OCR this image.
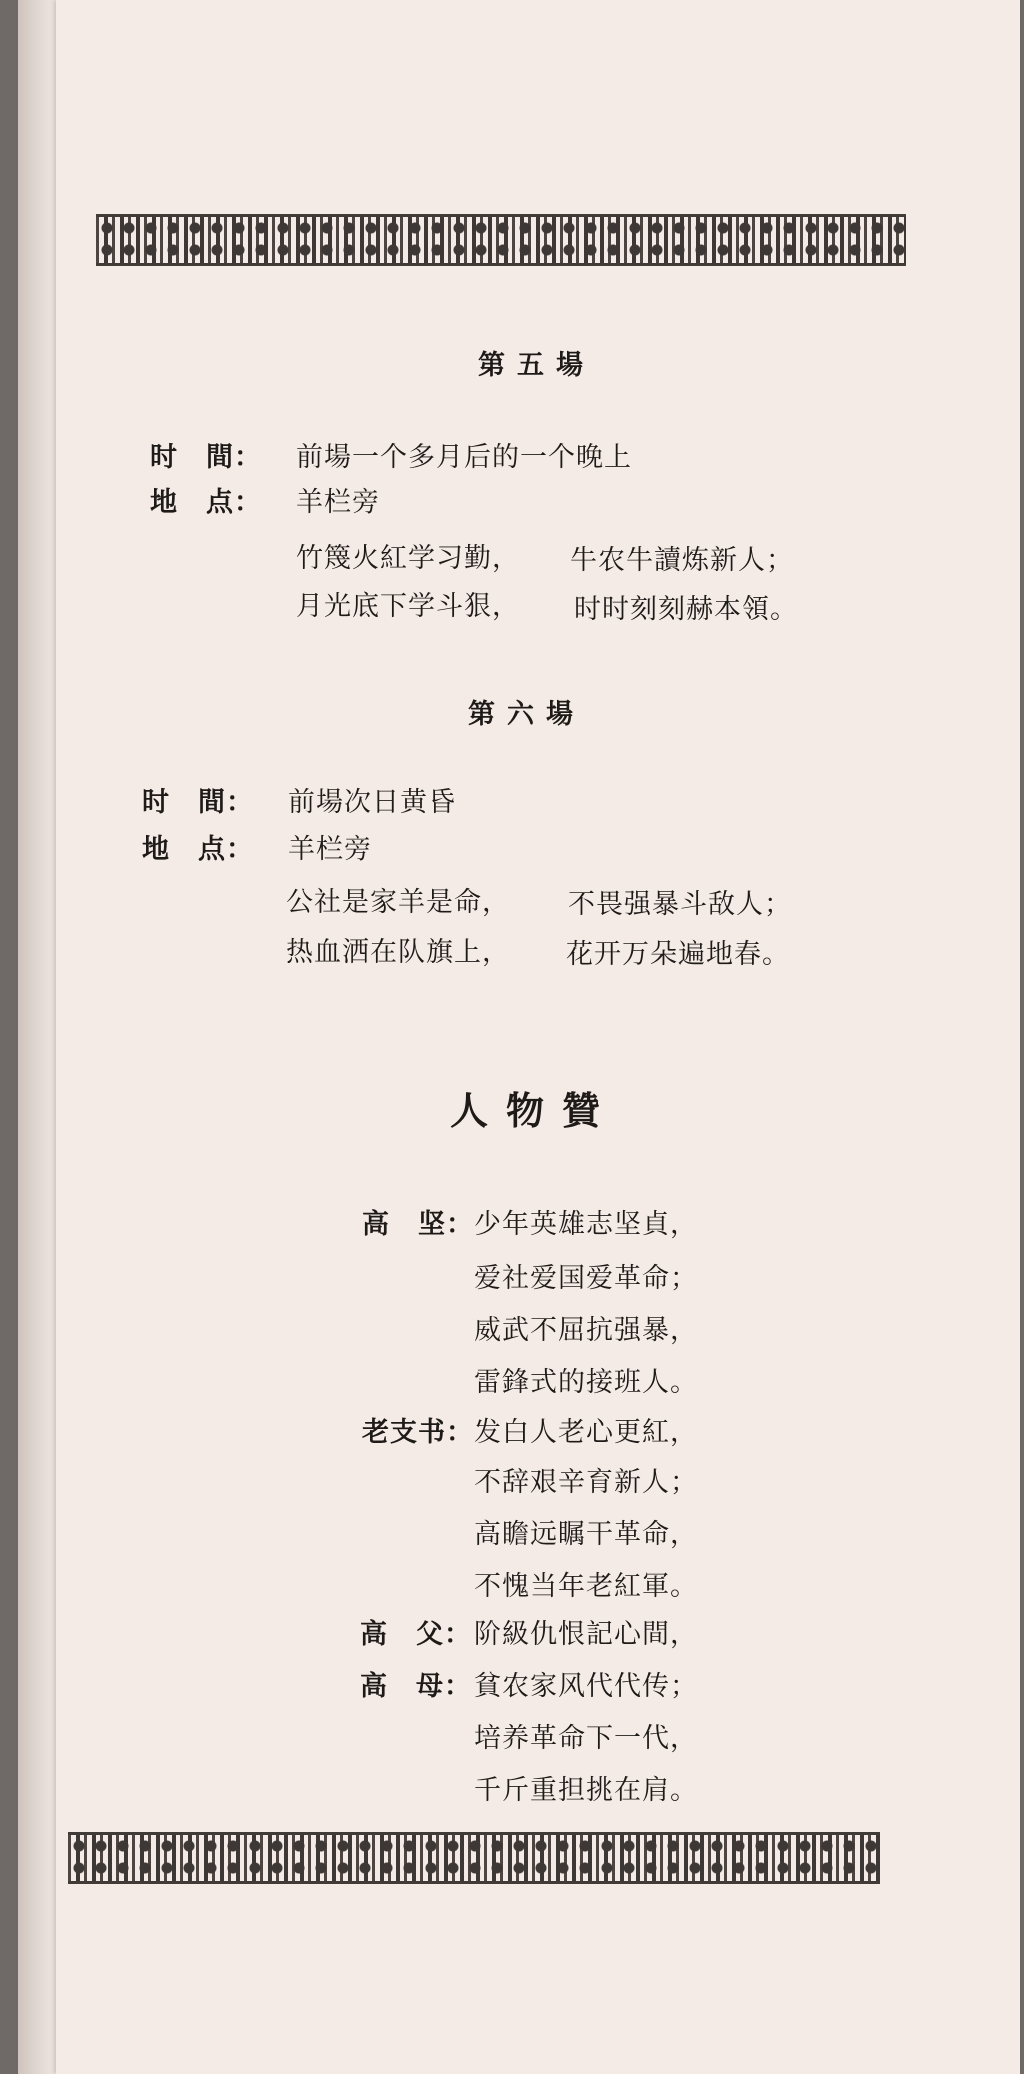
第五場
时　間： 前場一个多月后的一个晚上
地　点： 羊栏旁
竹篾火紅学习勤， 牛农牛讀炼新人；
月光底下学斗狠， 时时刻刻赫本領。
第六場
时　間： 前場次日黄昏
地　点： 羊栏旁
公社是家羊是命， 不畏强暴斗敌人；
热血洒在队旗上， 花开万朵遍地春。
人物贊
高　坚： 少年英雄志坚貞，
爱社爱国爱革命；
威武不屈抗强暴，
雷鋒式的接班人。
老支书： 发白人老心更紅，
不辞艰辛育新人；
高瞻远瞩干革命，
不愧当年老紅軍。
高　父： 阶級仇恨記心間，
高　母： 貧农家风代代传；
培养革命下一代，
千斤重担挑在肩。
